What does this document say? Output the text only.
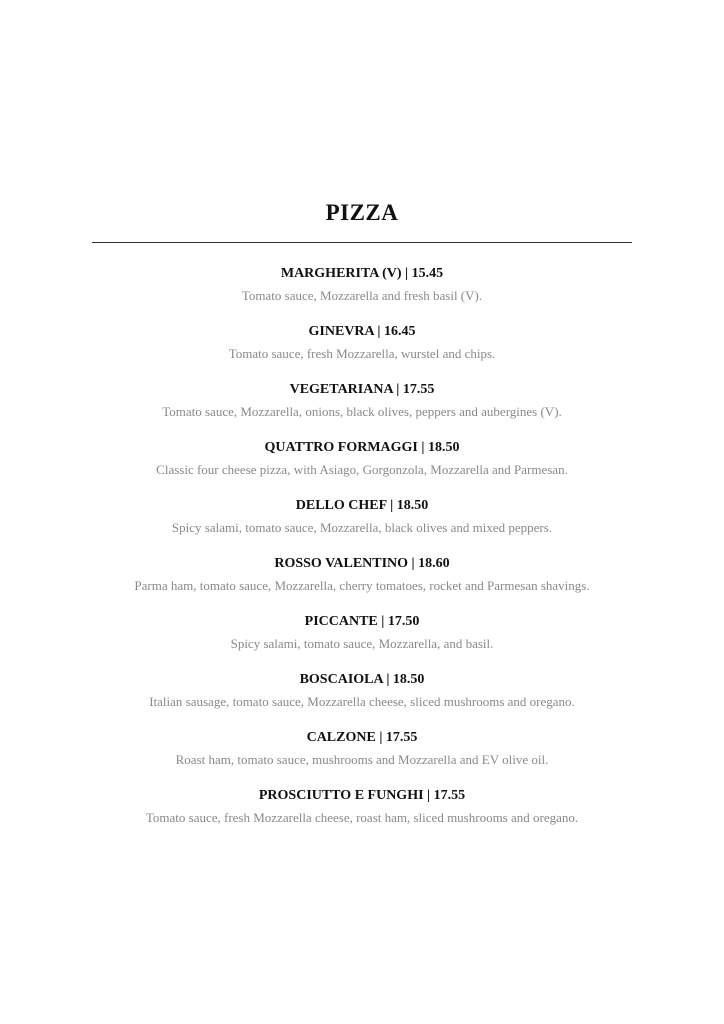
PIZZA
MARGHERITA (V) | 15.45
Tomato sauce, Mozzarella and fresh basil (V).
GINEVRA | 16.45
Tomato sauce, fresh Mozzarella, wurstel and chips.
VEGETARIANA | 17.55
Tomato sauce, Mozzarella, onions, black olives, peppers and aubergines (V).
QUATTRO FORMAGGI | 18.50
Classic four cheese pizza, with Asiago, Gorgonzola, Mozzarella and Parmesan.
DELLO CHEF | 18.50
Spicy salami, tomato sauce, Mozzarella, black olives and mixed peppers.
ROSSO VALENTINO | 18.60
Parma ham, tomato sauce, Mozzarella, cherry tomatoes, rocket and Parmesan shavings.
PICCANTE | 17.50
Spicy salami, tomato sauce, Mozzarella, and basil.
BOSCAIOLA | 18.50
Italian sausage, tomato sauce, Mozzarella cheese, sliced mushrooms and oregano.
CALZONE | 17.55
Roast ham, tomato sauce, mushrooms and Mozzarella and EV olive oil.
PROSCIUTTO E FUNGHI | 17.55
Tomato sauce, fresh Mozzarella cheese, roast ham, sliced mushrooms and oregano.
